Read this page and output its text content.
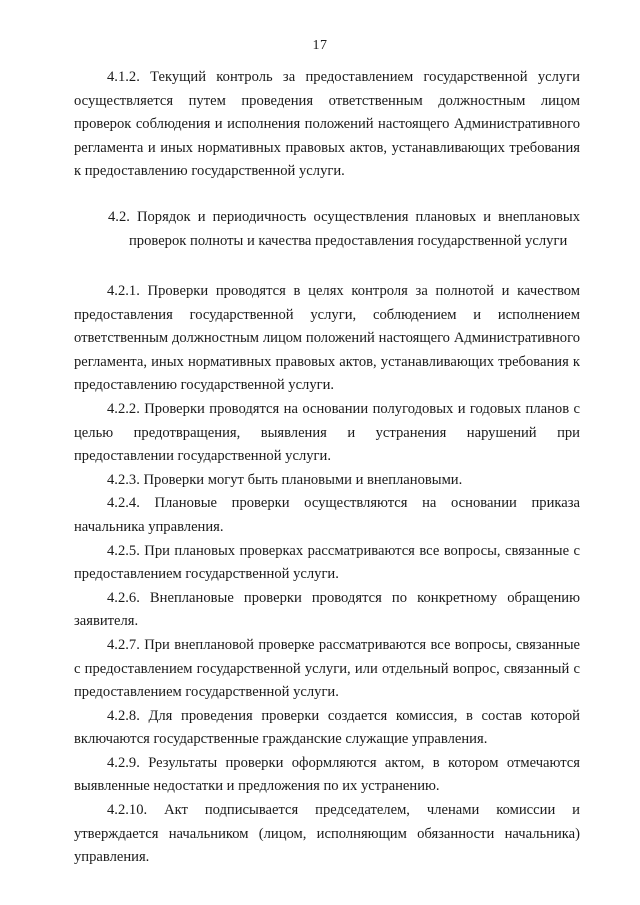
17

4.1.2. Текущий контроль за предоставлением государственной услуги осуществляется путем проведения ответственным должностным лицом проверок соблюдения и исполнения положений настоящего Административного регламента и иных нормативных правовых актов, устанавливающих требования к предоставлению государственной услуги.

4.2. Порядок и периодичность осуществления плановых и внеплановых проверок полноты и качества предоставления государственной услуги

4.2.1. Проверки проводятся в целях контроля за полнотой и качеством предоставления государственной услуги, соблюдением и исполнением ответственным должностным лицом положений настоящего Административного регламента, иных нормативных правовых актов, устанавливающих требования к предоставлению государственной услуги.

4.2.2. Проверки проводятся на основании полугодовых и годовых планов с целью предотвращения, выявления и устранения нарушений при предоставлении государственной услуги.

4.2.3. Проверки могут быть плановыми и внеплановыми.

4.2.4. Плановые проверки осуществляются на основании приказа начальника управления.

4.2.5. При плановых проверках рассматриваются все вопросы, связанные с предоставлением государственной услуги.

4.2.6. Внеплановые проверки проводятся по конкретному обращению заявителя.

4.2.7. При внеплановой проверке рассматриваются все вопросы, связанные с предоставлением государственной услуги, или отдельный вопрос, связанный с предоставлением государственной услуги.

4.2.8. Для проведения проверки создается комиссия, в состав которой включаются государственные гражданские служащие управления.

4.2.9. Результаты проверки оформляются актом, в котором отмечаются выявленные недостатки и предложения по их устранению.

4.2.10. Акт подписывается председателем, членами комиссии и утверждается начальником (лицом, исполняющим обязанности начальника) управления.
